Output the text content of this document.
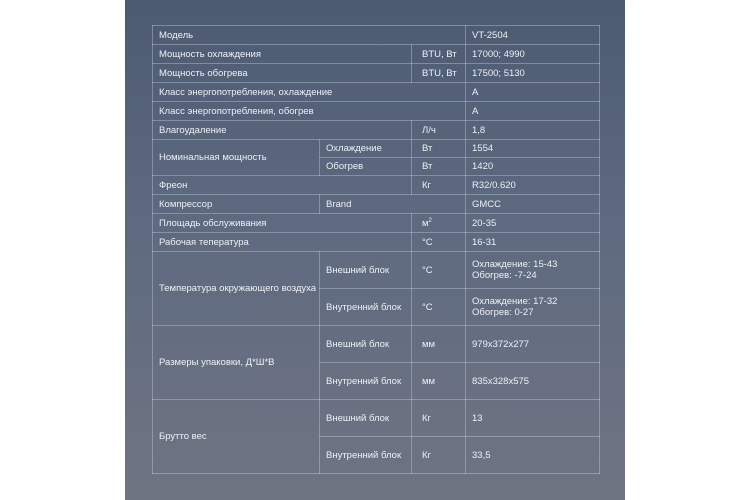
Модель			VT-2504
Мощность охлаждения		BTU, Вт	17000; 4990
Мощность обогрева		BTU, Вт	17500; 5130
Класс энергопотребления, охлаждение			A
Класс энергопотребления, обогрев			A
Влагоудаление		Л/ч	1,8
Номинальная мощность	Охлаждение	Вт	1554
	Обогрев	Вт	1420
Фреон		Кг	R32/0.620
Компрессор	Brand		GMCC
Площадь обслуживания		$м^2$	20-35
Рабочая тепература		°C	16-31
Температура окружающего воздуха	Внешний блок	°C	Охлаждение: 15-43
Обогрев: -7-24

	Внутренний блок	°C	Охлаждение: 17-32
Обогрев: 0-27

Размеры упаковки, Д*Ш*В	Внешний блок	мм	979x372x277
	Внутренний блок	мм	835x328x575
Брутто вес	Внешний блок	Кг	13
	Внутренний блок	Кг	33,5
